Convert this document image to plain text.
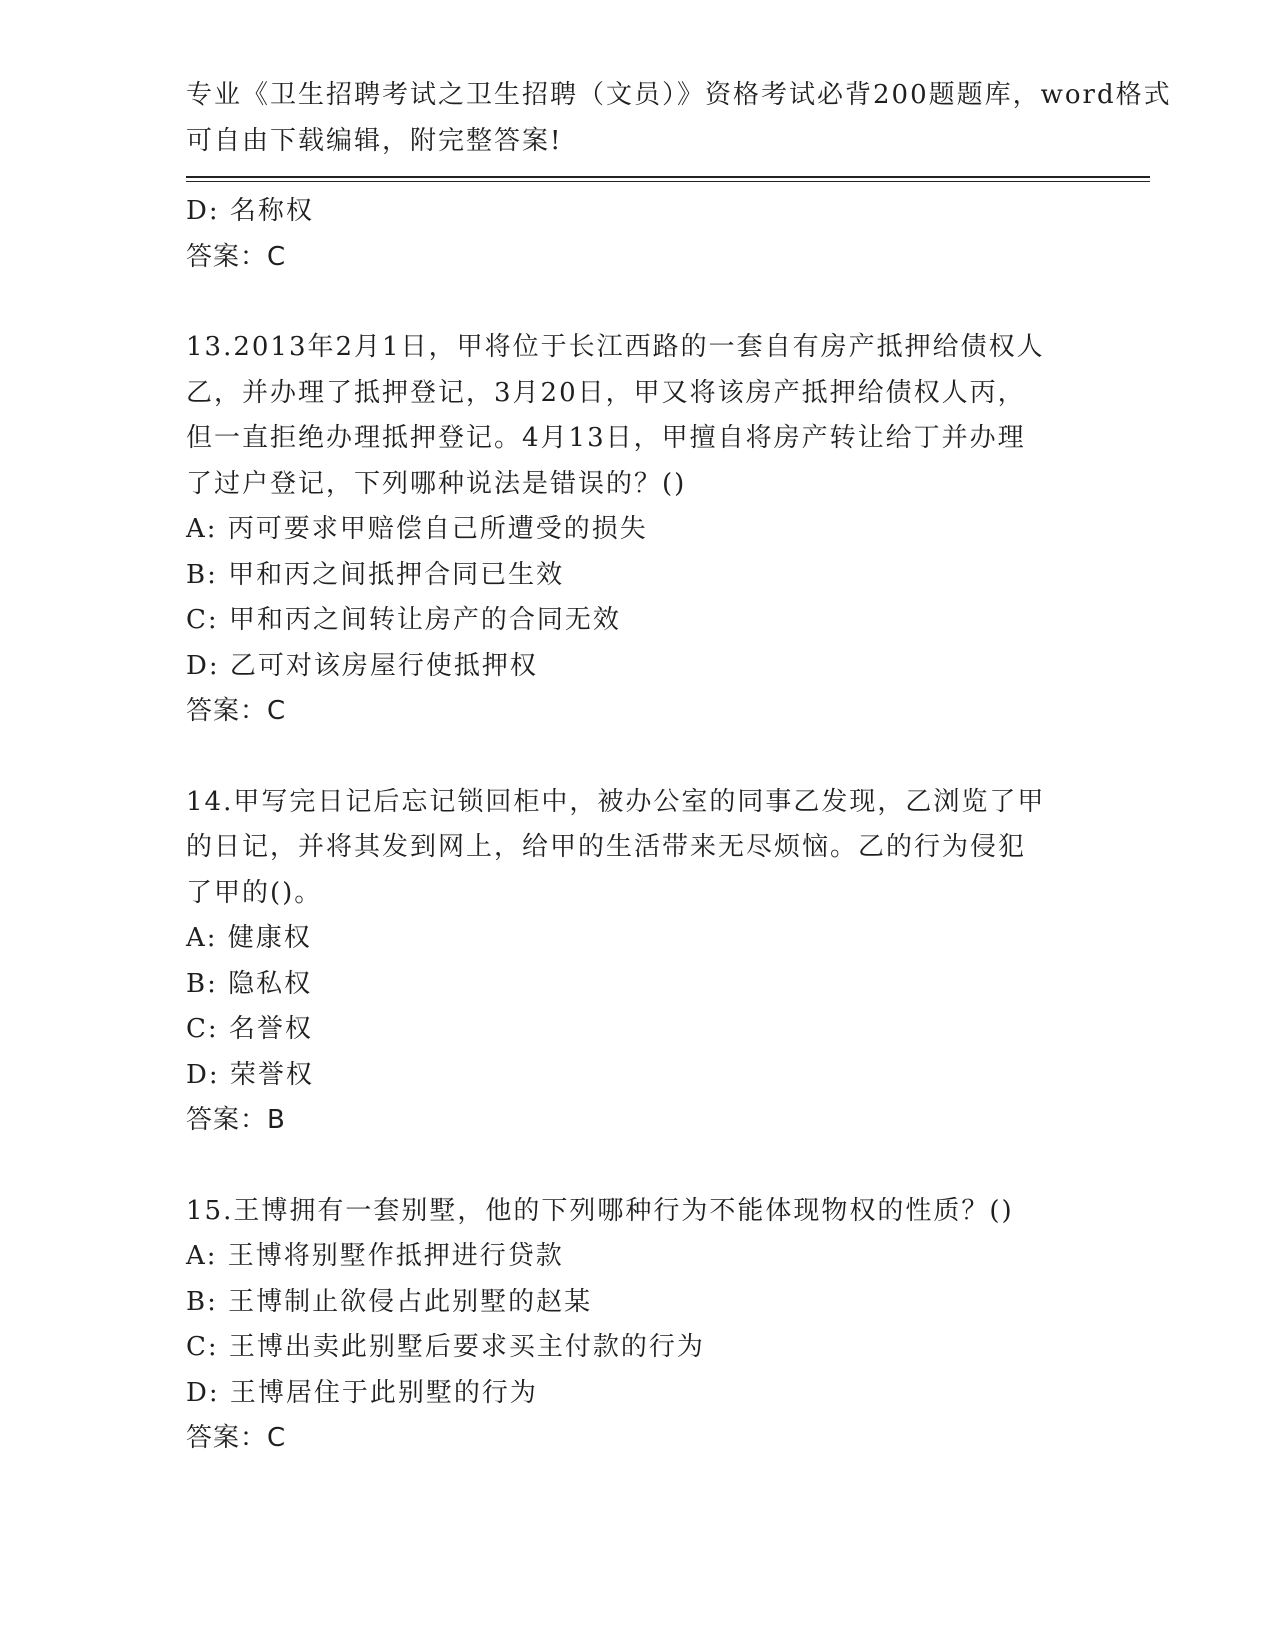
专业《卫生招聘考试之卫生招聘（文员）》资格考试必背200题题库，word格式
可自由下载编辑，附完整答案!
D: 名称权
答案：C
13.2013年2月1日，甲将位于长江西路的一套自有房产抵押给债权人
乙，并办理了抵押登记，3月20日，甲又将该房产抵押给债权人丙，
但一直拒绝办理抵押登记。4月13日，甲擅自将房产转让给丁并办理
了过户登记，下列哪种说法是错误的？()
A: 丙可要求甲赔偿自己所遭受的损失
B: 甲和丙之间抵押合同已生效
C: 甲和丙之间转让房产的合同无效
D: 乙可对该房屋行使抵押权
答案：C
14.甲写完日记后忘记锁回柜中，被办公室的同事乙发现，乙浏览了甲
的日记，并将其发到网上，给甲的生活带来无尽烦恼。乙的行为侵犯
了甲的()。
A: 健康权
B: 隐私权
C: 名誉权
D: 荣誉权
答案：B
15.王博拥有一套别墅，他的下列哪种行为不能体现物权的性质？()
A: 王博将别墅作抵押进行贷款
B: 王博制止欲侵占此别墅的赵某
C: 王博出卖此别墅后要求买主付款的行为
D: 王博居住于此别墅的行为
答案：C
